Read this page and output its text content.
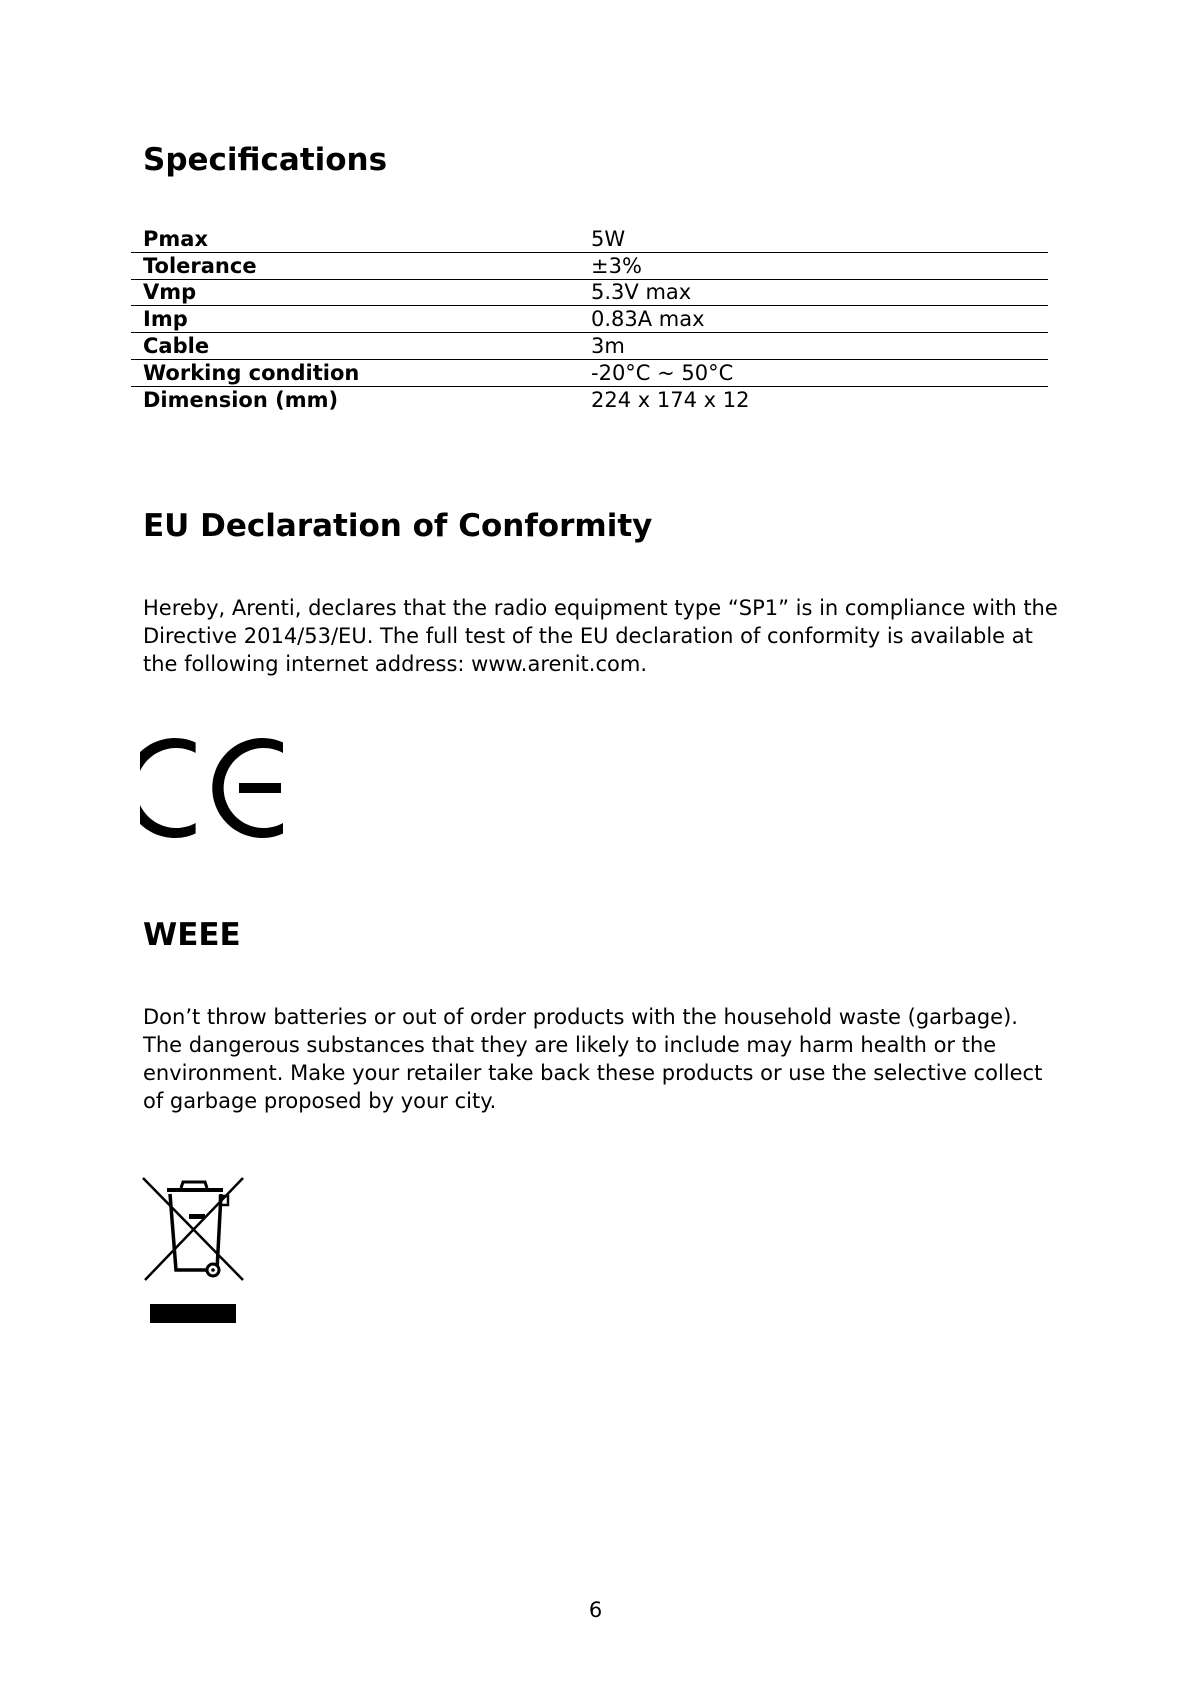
Specifications
Pmax	5W
Tolerance	±3%
Vmp	5.3V max
Imp	0.83A max
Cable	3m
Working condition	-20°C ~ 50°C
Dimension (mm)	224 x 174 x 12
EU Declaration of Conformity

Hereby, Arenti, declares that the radio equipment type “SP1” is in compliance with the Directive 2014/53/EU. The full test of the EU declaration of conformity is available at the following internet address: www.arenit.com.

WEEE

Don’t throw batteries or out of order products with the household waste (garbage). The dangerous substances that they are likely to include may harm health or the environment. Make your retailer take back these products or use the selective collect of garbage proposed by your city.

6
